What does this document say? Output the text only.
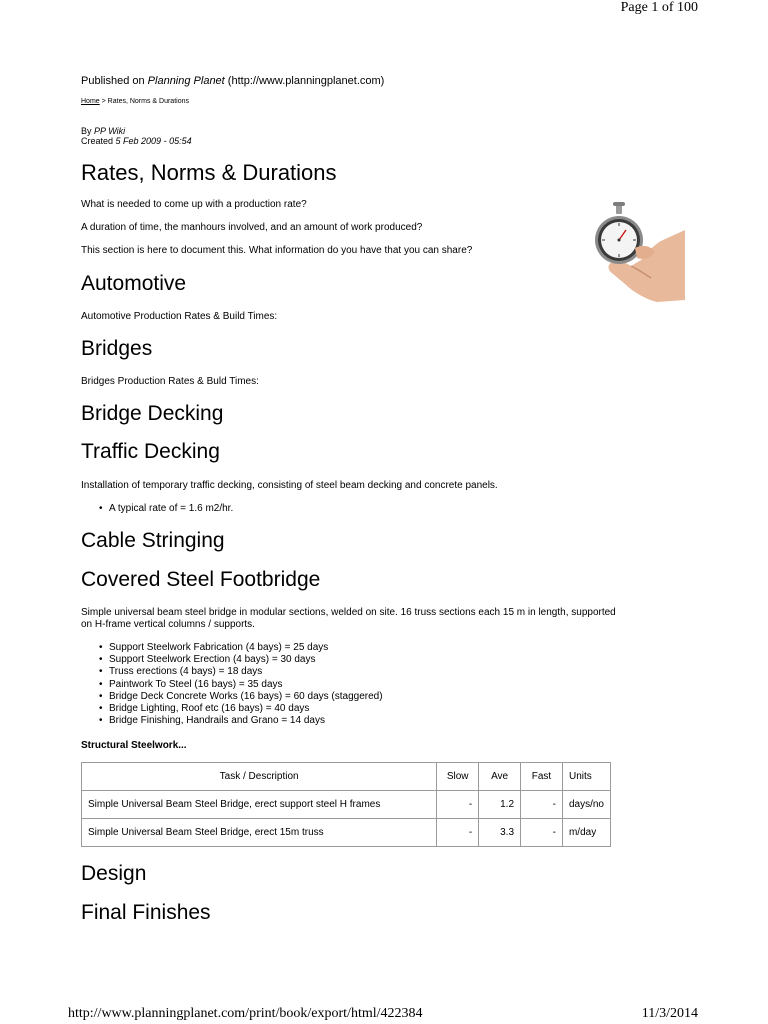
Page 1 of 100
Published on Planning Planet (http://www.planningplanet.com)
Home > Rates, Norms & Durations
By PP Wiki
Created 5 Feb 2009 - 05:54
Rates, Norms & Durations
What is needed to come up with a production rate?
A duration of time, the manhours involved, and an amount of work produced?
This section is here to document this. What information do you have that you can share?
Automotive
Automotive Production Rates & Build Times:
Bridges
Bridges Production Rates & Buld Times:
Bridge Decking
Traffic Decking
Installation of temporary traffic decking, consisting of steel beam decking and concrete panels.
• A typical rate of = 1.6 m2/hr.
Cable Stringing
Covered Steel Footbridge
Simple universal beam steel bridge in modular sections, welded on site. 16 truss sections each 15 m in length, supported
on H-frame vertical columns / supports.
• Support Steelwork Fabrication (4 bays) = 25 days
• Support Steelwork Erection (4 bays) = 30 days
• Truss erections (4 bays) = 18 days
• Paintwork To Steel (16 bays) = 35 days
• Bridge Deck Concrete Works (16 bays) = 60 days (staggered)
• Bridge Lighting, Roof etc (16 bays) = 40 days
• Bridge Finishing, Handrails and Grano = 14 days
Structural Steelwork...
Task / Description	Slow	Ave	Fast	Units
Simple Universal Beam Steel Bridge, erect support steel H frames	-	1.2	-	days/no
Simple Universal Beam Steel Bridge, erect 15m truss	-	3.3	-	m/day
Design
Final Finishes
http://www.planningplanet.com/print/book/export/html/422384	11/3/2014
